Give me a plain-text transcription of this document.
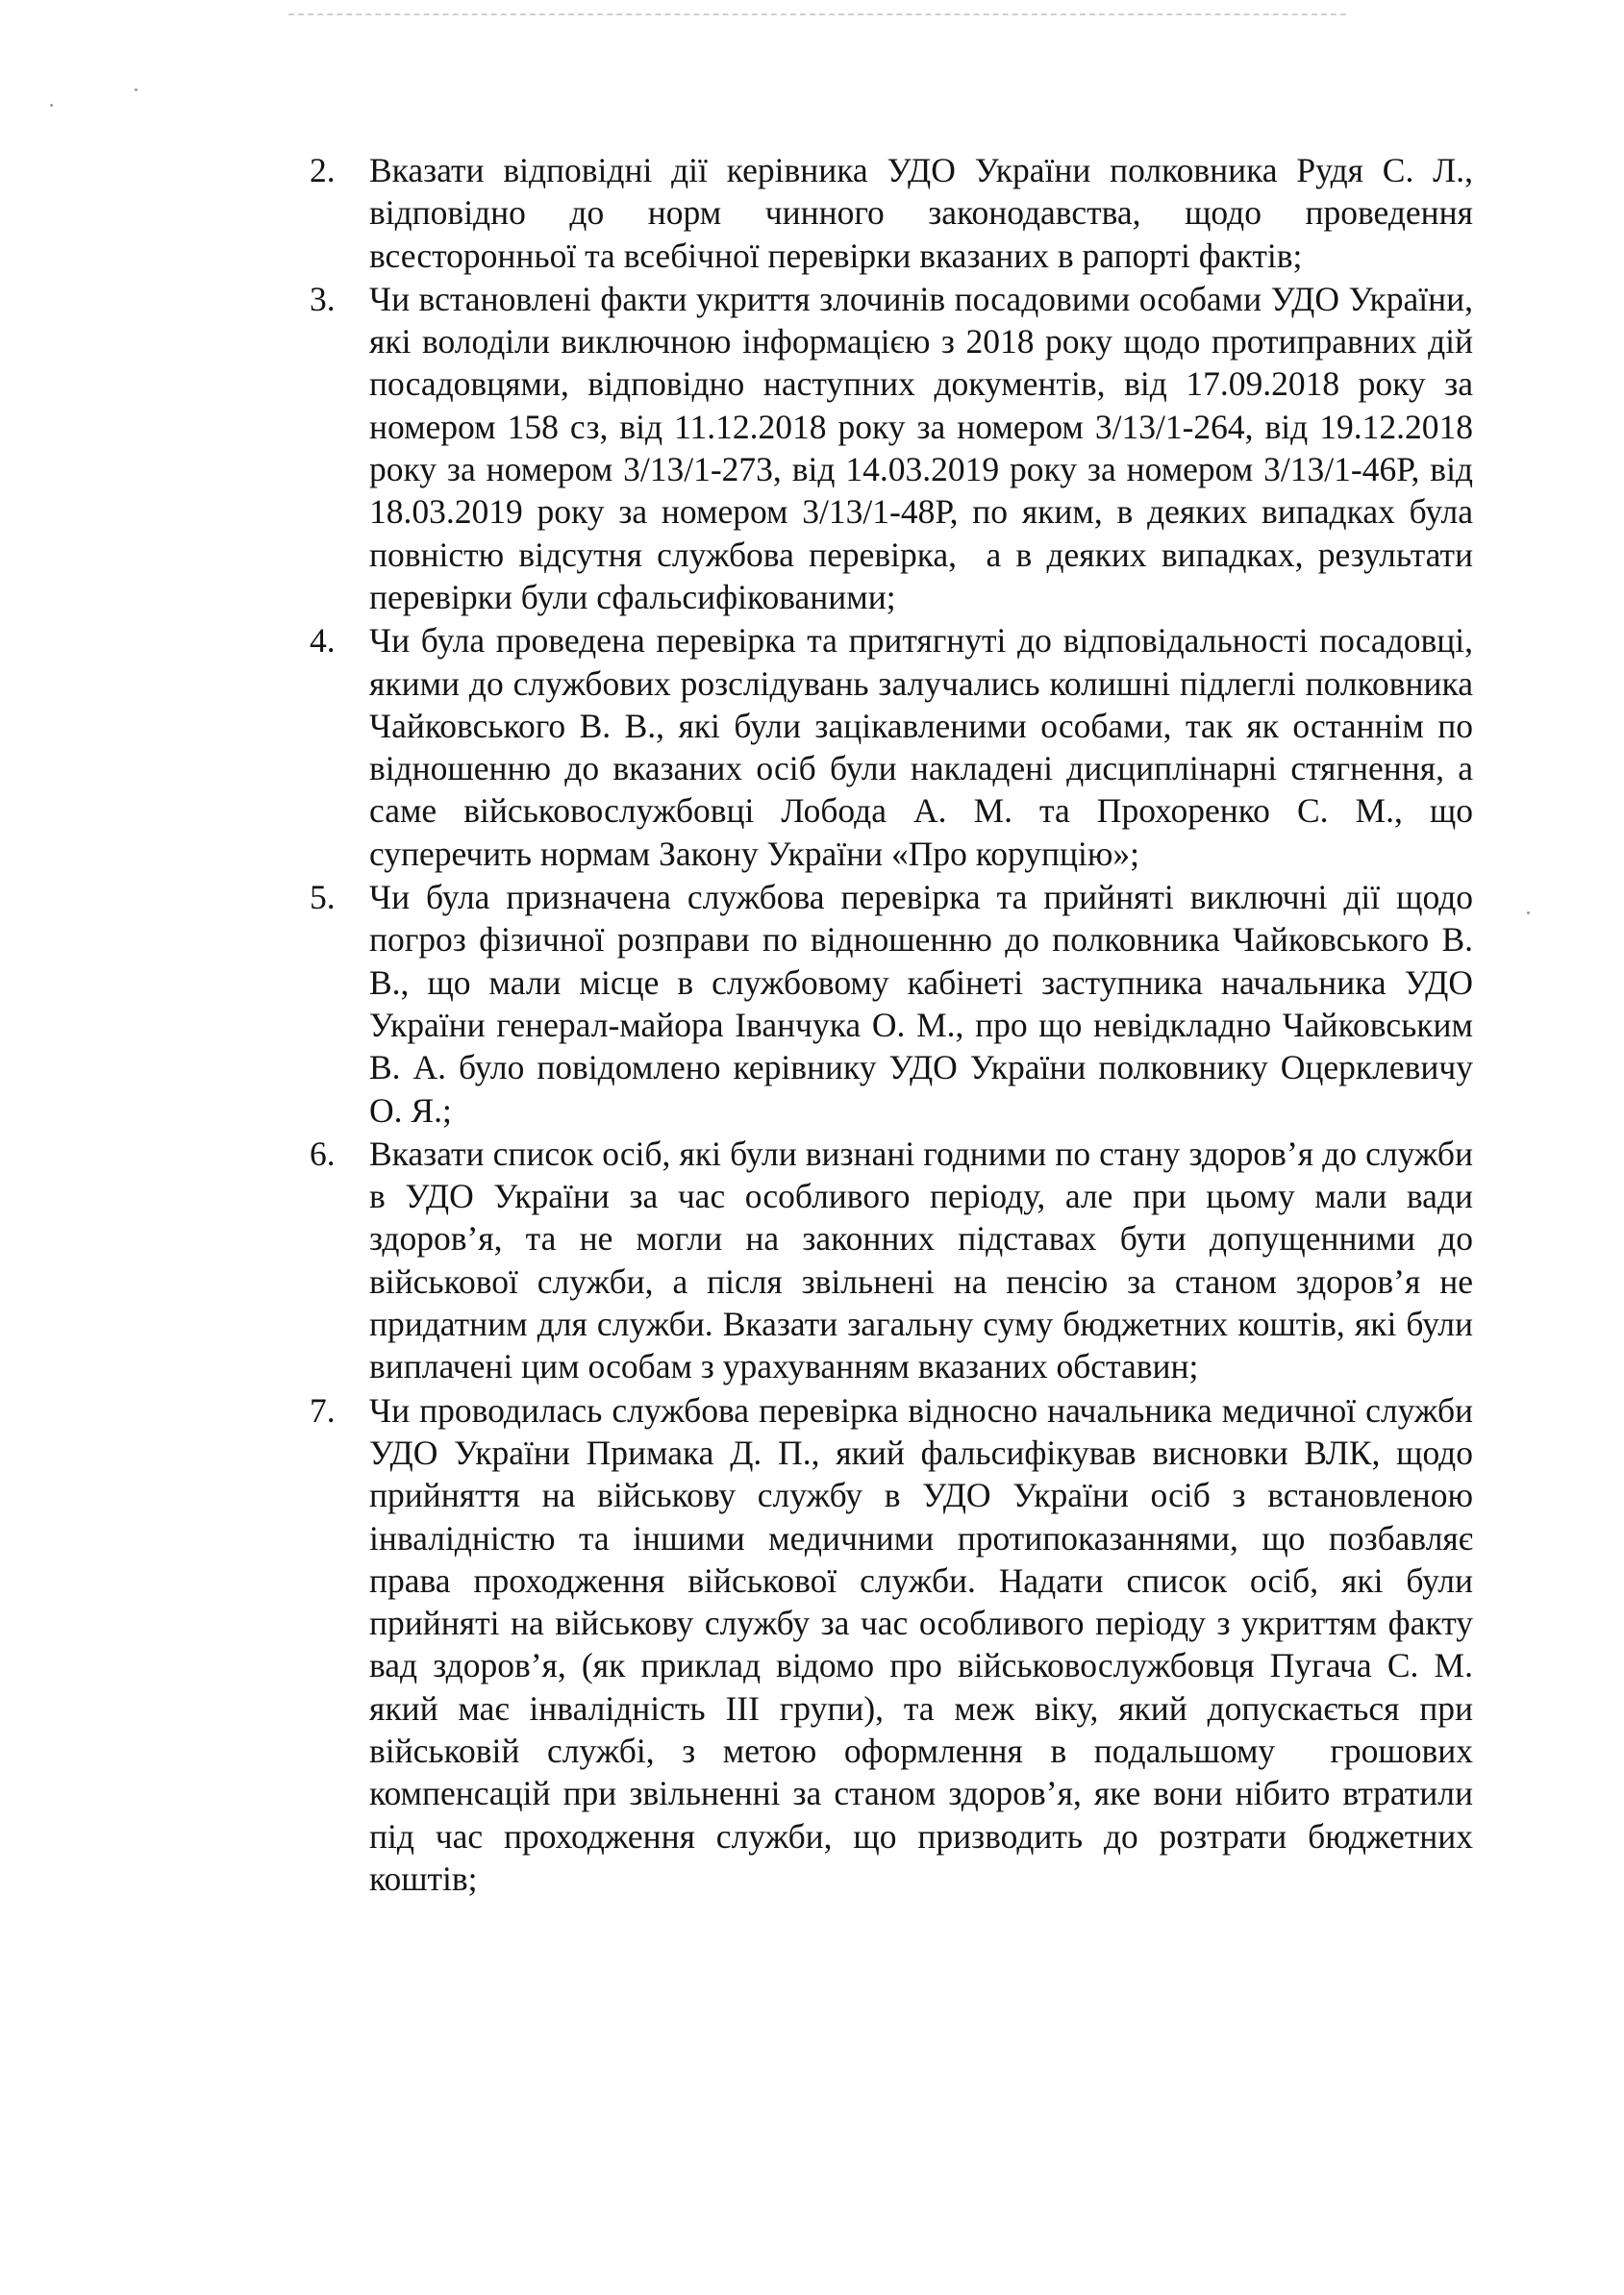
2. Вказати відповідні дії керівника УДО України полковника Рудя С. Л., відповідно до норм чинного законодавства, щодо проведення всесторонньої та всебічної перевірки вказаних в рапорті фактів;
3. Чи встановлені факти укриття злочинів посадовими особами УДО України, які володіли виключною інформацією з 2018 року щодо протиправних дій посадовцями, відповідно наступних документів, від 17.09.2018 року за номером 158 сз, від 11.12.2018 року за номером 3/13/1-264, від 19.12.2018 року за номером 3/13/1-273, від 14.03.2019 року за номером 3/13/1-46Р, від 18.03.2019 року за номером 3/13/1-48Р, по яким, в деяких випадках була повністю відсутня службова перевірка,  а в деяких випадках, результати перевірки були сфальсифікованими;
4. Чи була проведена перевірка та притягнуті до відповідальності посадовці, якими до службових розслідувань залучались колишні підлеглі полковника Чайковського В. В., які були зацікавленими особами, так як останнім по відношенню до вказаних осіб були накладені дисциплінарні стягнення, а саме військовослужбовці Лобода А. М. та Прохоренко С. М., що суперечить нормам Закону України «Про корупцію»;
5. Чи була призначена службова перевірка та прийняті виключні дії щодо погроз фізичної розправи по відношенню до полковника Чайковського В. В., що мали місце в службовому кабінеті заступника начальника УДО України генерал-майора Іванчука О. М., про що невідкладно Чайковським В. А. було повідомлено керівнику УДО України полковнику Оцерклевичу О. Я.;
6. Вказати список осіб, які були визнані годними по стану здоров’я до служби в УДО України за час особливого періоду, але при цьому мали вади здоров’я, та не могли на законних підставах бути допущенними до військової служби, а після звільнені на пенсію за станом здоров’я не придатним для служби. Вказати загальну суму бюджетних коштів, які були виплачені цим особам з урахуванням вказаних обставин;
7. Чи проводилась службова перевірка відносно начальника медичної служби УДО України Примака Д. П., який фальсифікував висновки ВЛК, щодо прийняття на військову службу в УДО України осіб з встановленою інвалідністю та іншими медичними протипоказаннями, що позбавляє права проходження військової служби. Надати список осіб, які були прийняті на військову службу за час особливого періоду з укриттям факту  вад здоров’я, (як приклад відомо про військовослужбовця Пугача С. М. який має інвалідність ІІІ групи), та меж віку, який допускається при військовій службі, з метою оформлення в подальшому  грошових компенсацій при звільненні за станом здоров’я, яке вони нібито втратили під час проходження служби, що призводить до розтрати бюджетних коштів;
